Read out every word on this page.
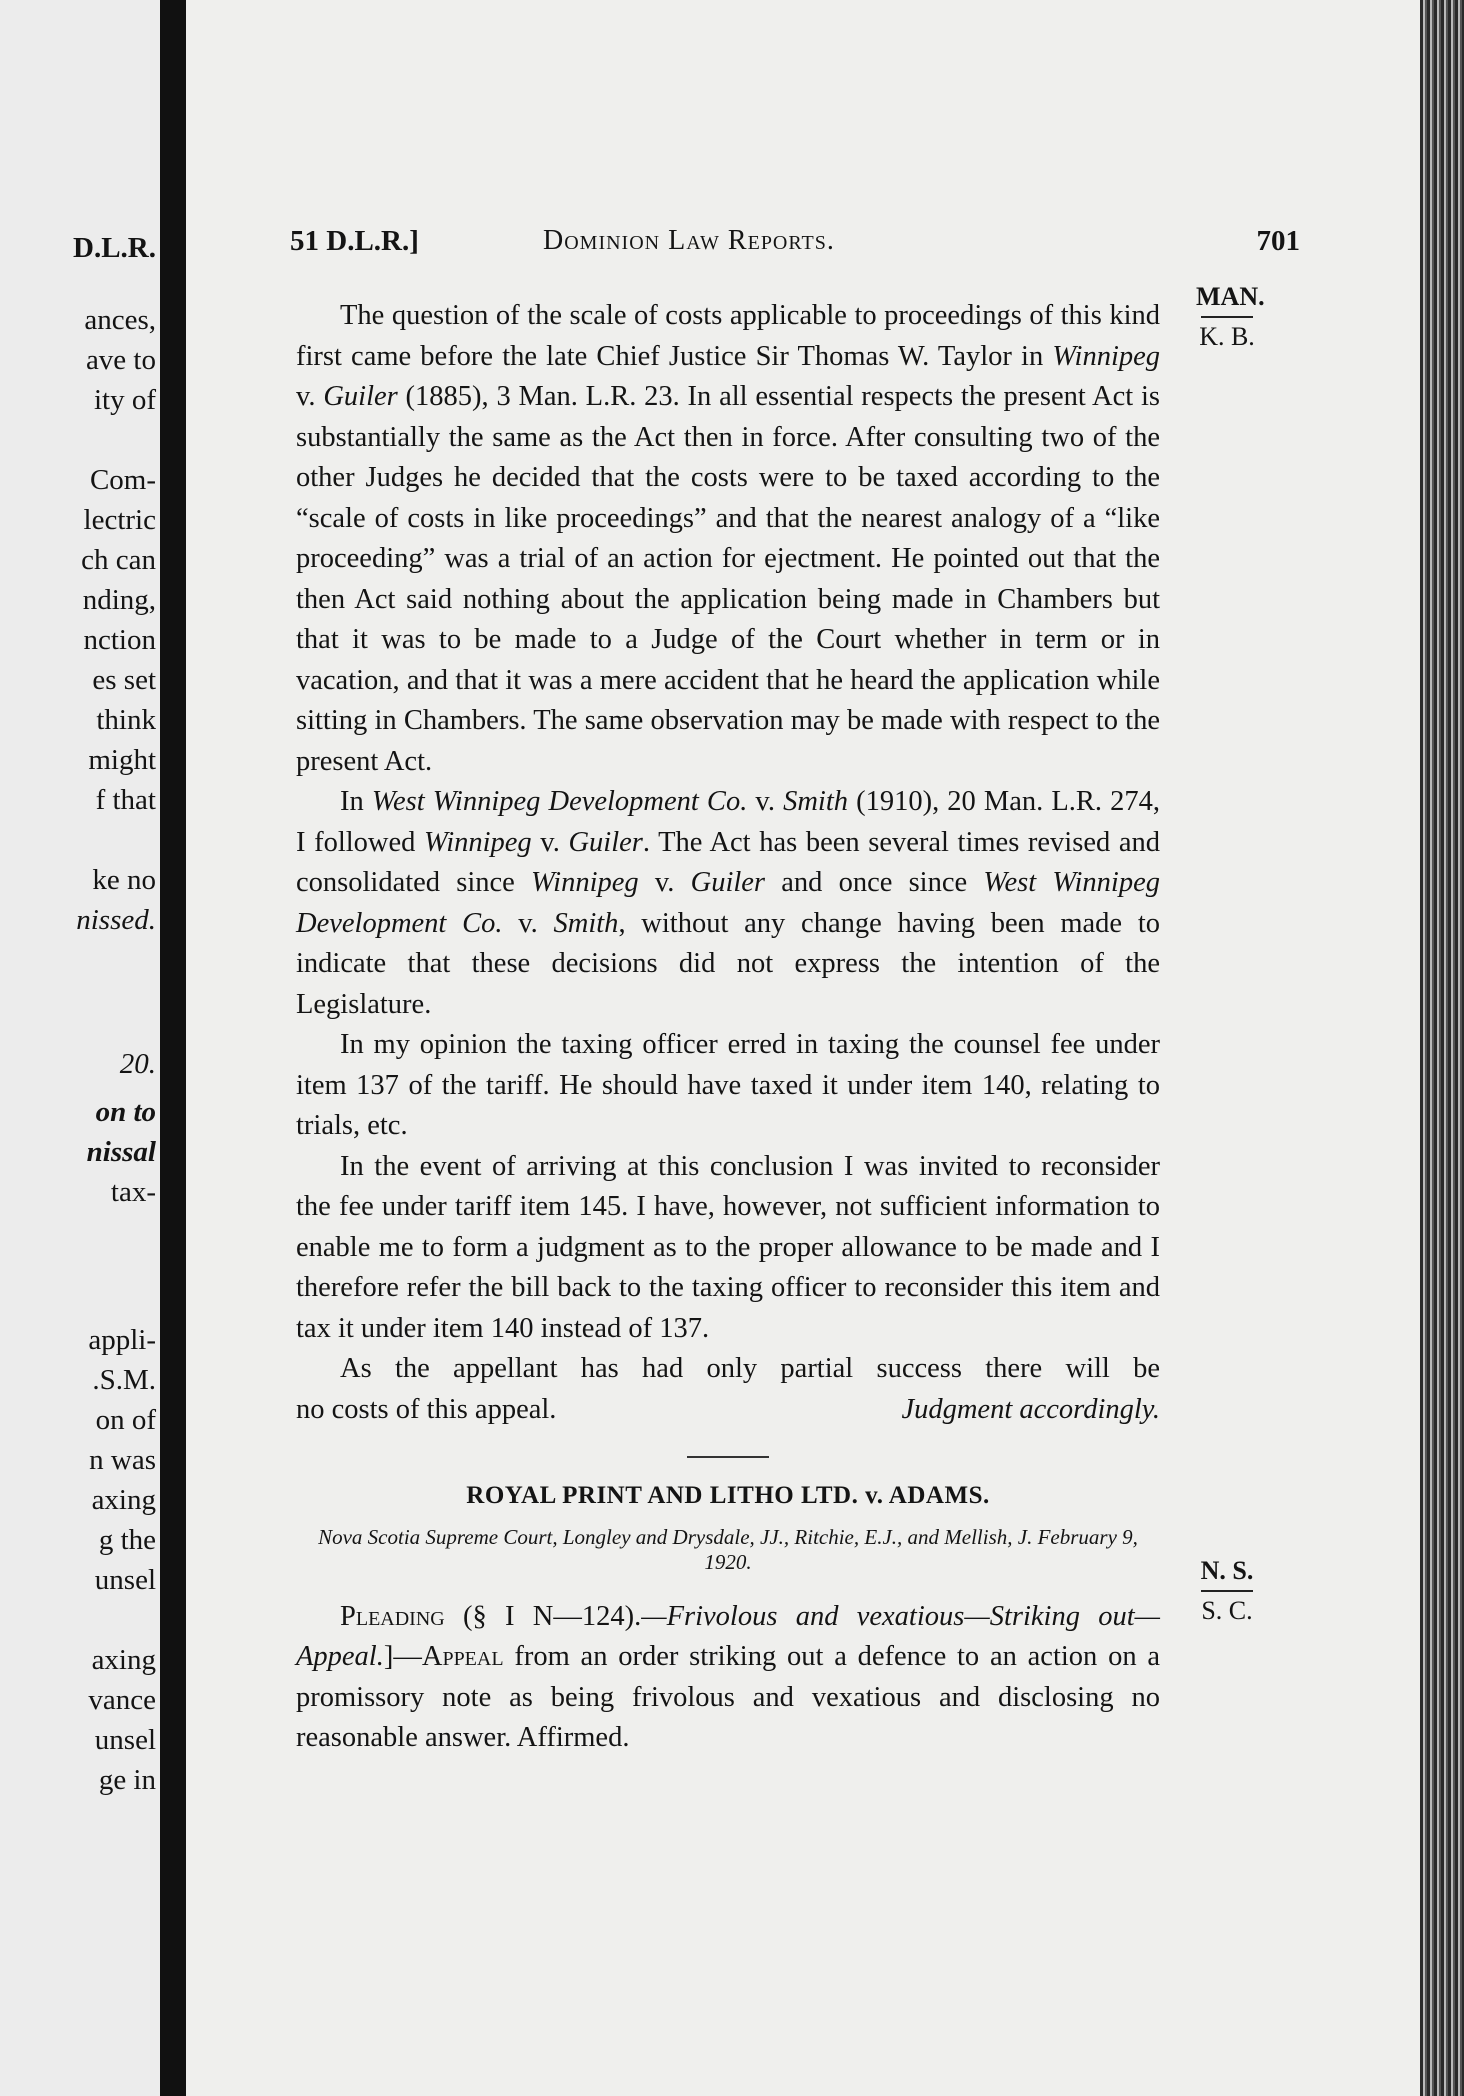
D.L.R.
ances,
ave to
ity of
Com-
lectric
ch can
nding,
nction
es set
think
might
f that
ke no
nissed.
20.
on to
nissal
tax-
appli-
.S.M.
on of
n was
axing
g the
unsel
axing
vance
unsel
ge in
51 D.L.R.]	Dominion Law Reports.	701
MAN.
K. B.
N. S.
S. C.

The question of the scale of costs applicable to proceedings of this kind first came before the late Chief Justice Sir Thomas W. Taylor in Winnipeg v. Guiler (1885), 3 Man. L.R. 23. In all essential respects the present Act is substantially the same as the Act then in force. After consulting two of the other Judges he decided that the costs were to be taxed according to the “scale of costs in like proceedings” and that the nearest analogy of a “like proceeding” was a trial of an action for ejectment. He pointed out that the then Act said nothing about the application being made in Chambers but that it was to be made to a Judge of the Court whether in term or in vacation, and that it was a mere accident that he heard the application while sitting in Chambers. The same observation may be made with respect to the present Act.

In West Winnipeg Development Co. v. Smith (1910), 20 Man. L.R. 274, I followed Winnipeg v. Guiler. The Act has been several times revised and consolidated since Winnipeg v. Guiler and once since West Winnipeg Development Co. v. Smith, without any change having been made to indicate that these decisions did not express the intention of the Legislature.

In my opinion the taxing officer erred in taxing the counsel fee under item 137 of the tariff. He should have taxed it under item 140, relating to trials, etc.

In the event of arriving at this conclusion I was invited to reconsider the fee under tariff item 145. I have, however, not sufficient information to enable me to form a judgment as to the proper allowance to be made and I therefore refer the bill back to the taxing officer to reconsider this item and tax it under item 140 instead of 137.

As the appellant has had only partial success there will be

no costs of this appeal.	Judgment accordingly.
ROYAL PRINT AND LITHO LTD. v. ADAMS.
Nova Scotia Supreme Court, Longley and Drysdale, JJ., Ritchie, E.J., and Mellish, J. February 9, 1920.

Pleading (§ I N—124).—Frivolous and vexatious—Striking out—Appeal.]—Appeal from an order striking out a defence to an action on a promissory note as being frivolous and vexatious and disclosing no reasonable answer. Affirmed.
